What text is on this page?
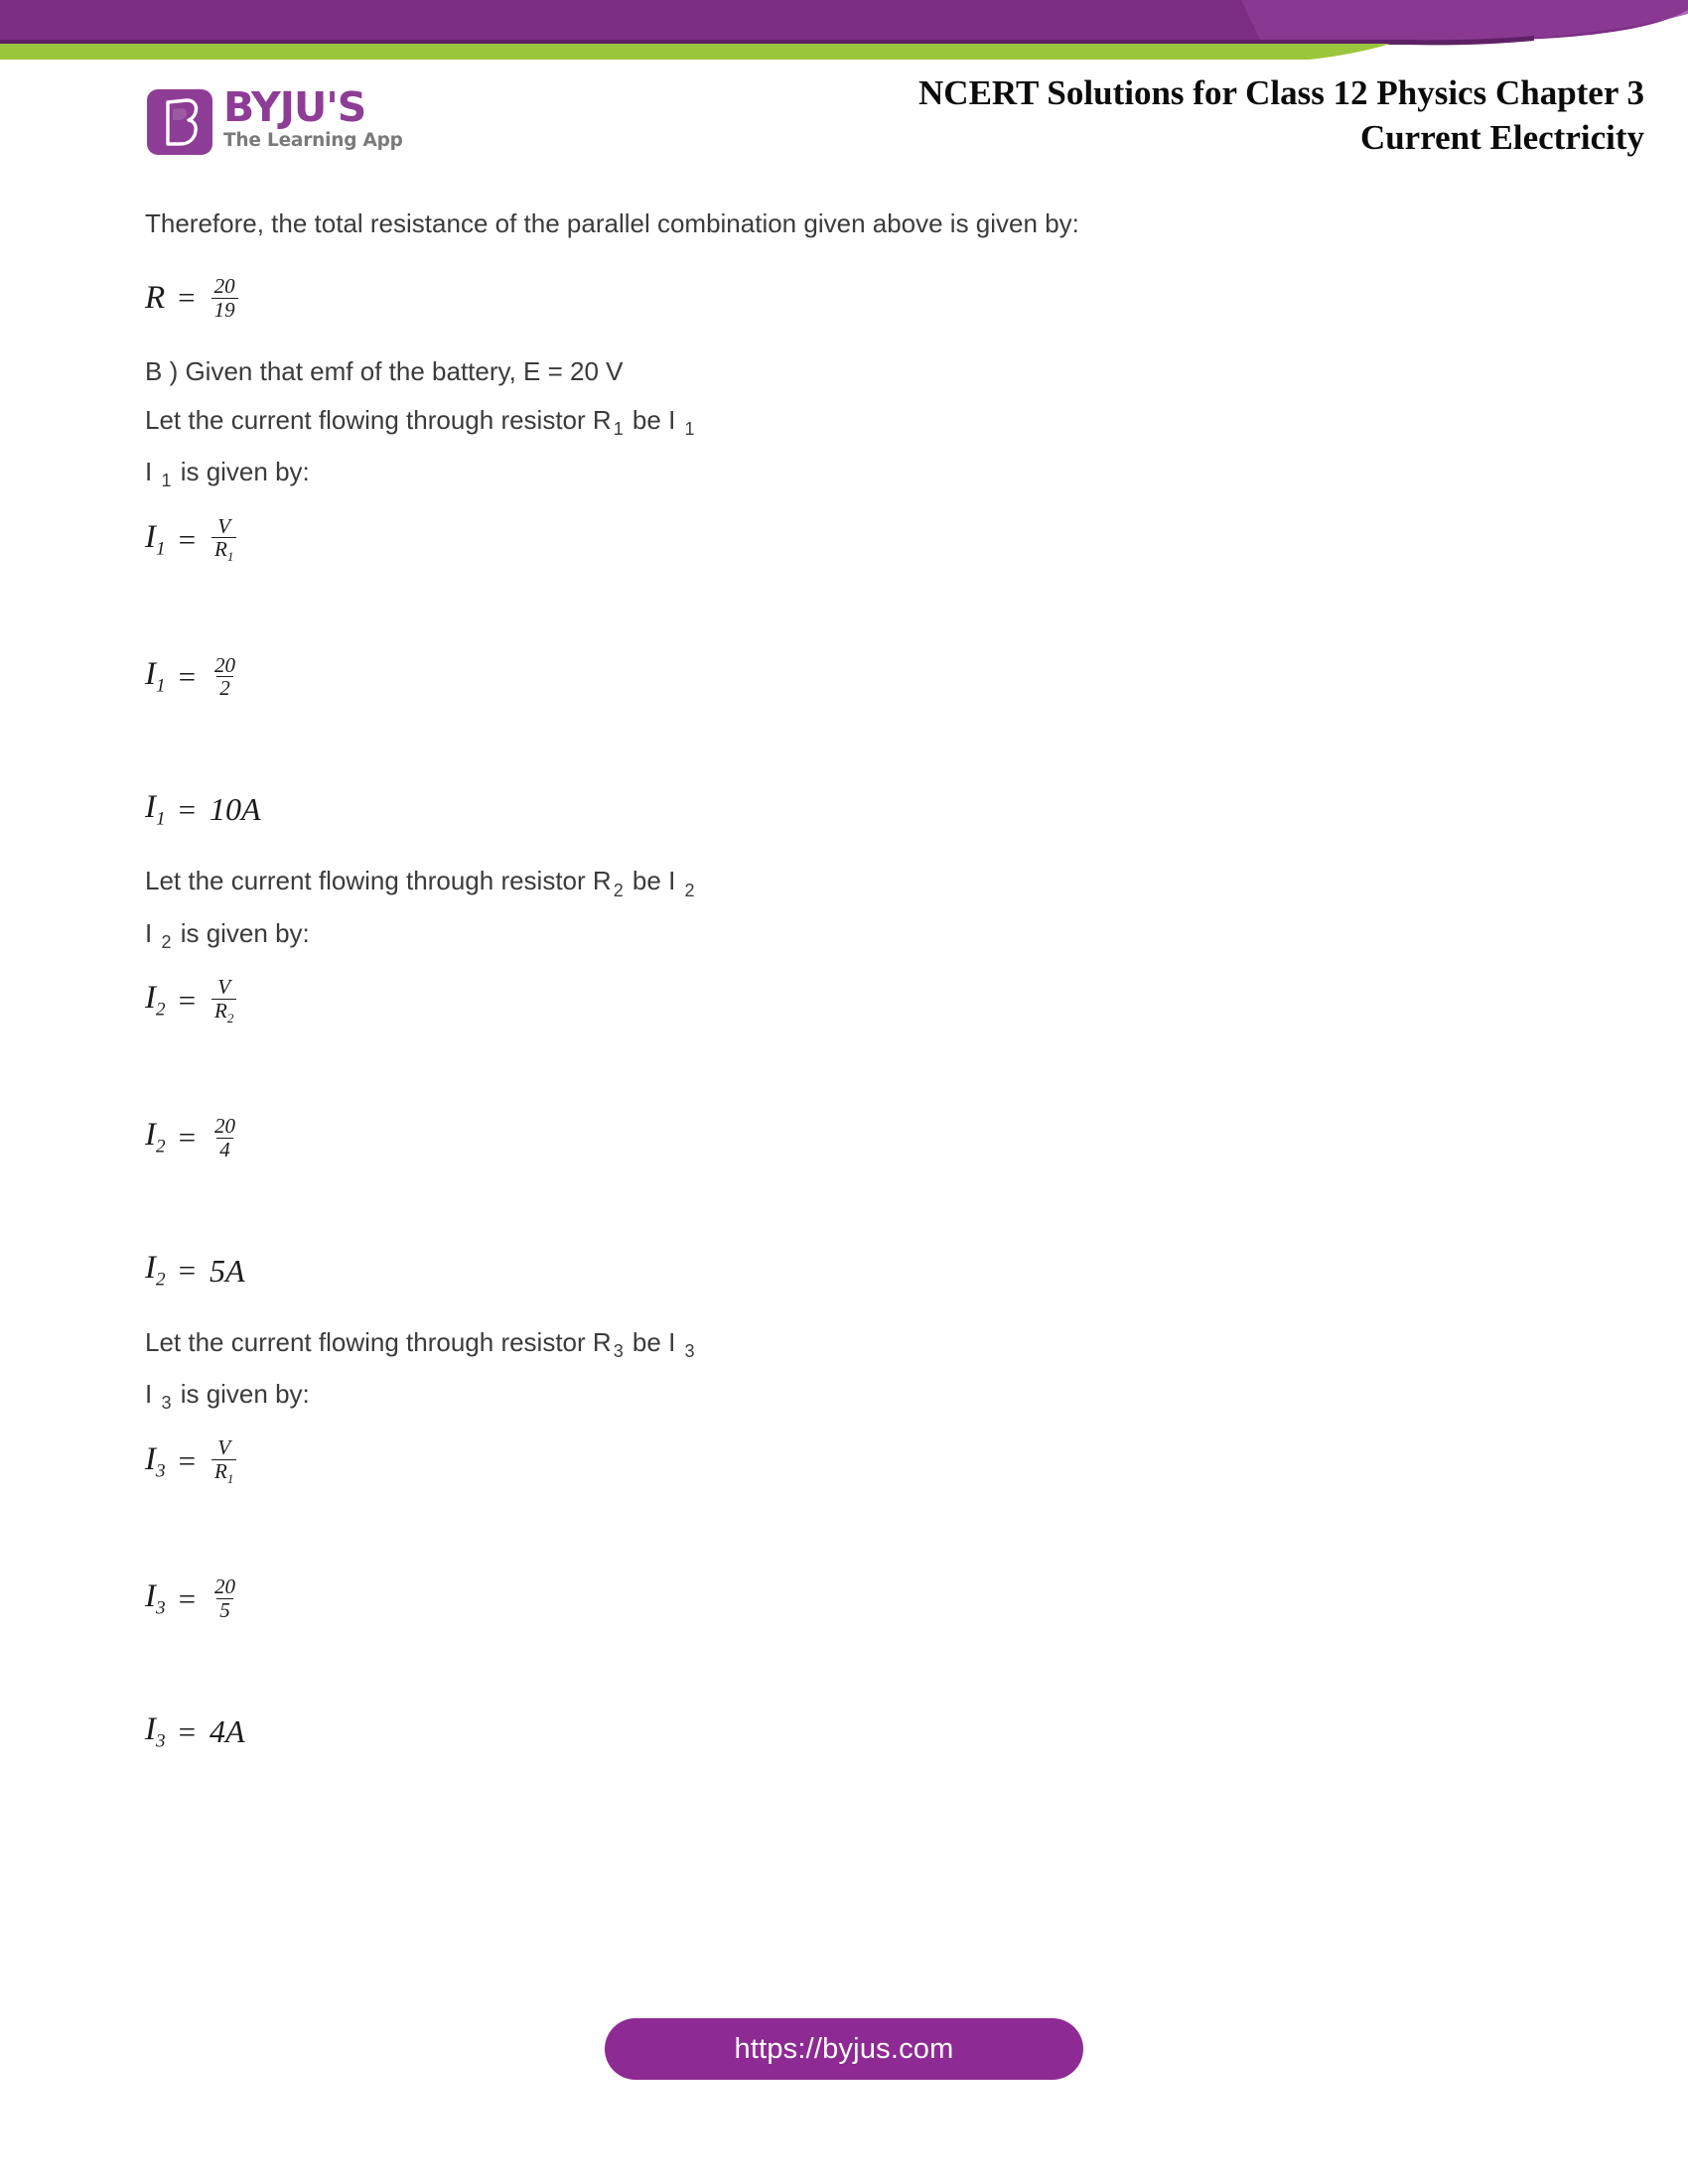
BYJU'S
The Learning App
NCERT Solutions for Class 12 Physics Chapter 3
Current Electricity

Therefore, the total resistance of the parallel combination given above is given by:

$R = \frac{20}{19}$

B ) Given that emf of the battery, E = 20 V

Let the current flowing through resistor R $_1$ be I $_1$

I $_1$ is given by:

$I_1 = \frac{V}{R_1}$
$I_1 = \frac{20}{2}$
$I_1 = 10A$

Let the current flowing through resistor R $_2$ be I $_2$

I $_2$ is given by:

$I_2 = \frac{V}{R_2}$
$I_2 = \frac{20}{4}$
$I_2 = 5A$

Let the current flowing through resistor R $_3$ be I $_3$

I $_3$ is given by:

$I_3 = \frac{V}{R_1}$
$I_3 = \frac{20}{5}$
$I_3 = 4A$
https://byjus.com
